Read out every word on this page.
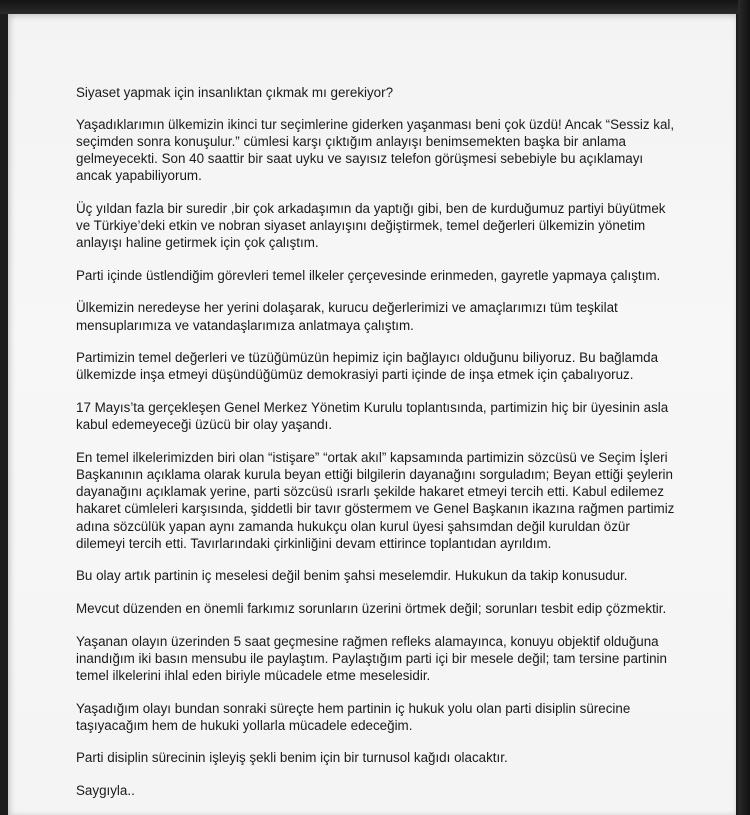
Siyaset yapmak için insanlıktan çıkmak mı gerekiyor?

Yaşadıklarımın ülkemizin ikinci tur seçimlerine giderken yaşanması beni çok üzdü! Ancak “Sessiz kal, seçimden sonra konuşulur.” cümlesi karşı çıktığım anlayışı benimsemekten başka bir anlama gelmeyecekti. Son 40 saattir bir saat uyku ve sayısız telefon görüşmesi sebebiyle bu açıklamayı ancak yapabiliyorum.

Üç yıldan fazla bir suredir ,bir çok arkadaşımın da yaptığı gibi, ben de kurduğumuz partiyi büyütmek ve Türkiye’deki etkin ve nobran siyaset anlayışını değiştirmek, temel değerleri ülkemizin yönetim anlayışı haline getirmek için çok çalıştım.

Parti içinde üstlendiğim görevleri temel ilkeler çerçevesinde erinmeden, gayretle yapmaya çalıştım.

Ülkemizin neredeyse her yerini dolaşarak, kurucu değerlerimizi ve amaçlarımızı tüm teşkilat mensuplarımıza ve vatandaşlarımıza anlatmaya çalıştım.

Partimizin temel değerleri ve tüzüğümüzün hepimiz için bağlayıcı olduğunu biliyoruz. Bu bağlamda ülkemizde inşa etmeyi düşündüğümüz demokrasiyi parti içinde de inşa etmek için çabalıyoruz.

17 Mayıs’ta gerçekleşen Genel Merkez Yönetim Kurulu toplantısında, partimizin hiç bir üyesinin asla kabul edemeyeceği üzücü bir olay yaşandı.

En temel ilkelerimizden biri olan “istişare” “ortak akıl” kapsamında partimizin sözcüsü ve Seçim İşleri Başkanının açıklama olarak kurula beyan ettiği bilgilerin dayanağını sorguladım; Beyan ettiği şeylerin dayanağını açıklamak yerine, parti sözcüsü ısrarlı şekilde hakaret etmeyi tercih etti. Kabul edilemez hakaret cümleleri karşısında, şiddetli bir tavır göstermem ve Genel Başkanın ikazına rağmen partimiz adına sözcülük yapan aynı zamanda hukukçu olan kurul üyesi şahsımdan değil kuruldan özür dilemeyi tercih etti. Tavırlarındaki çirkinliğini devam ettirince toplantıdan ayrıldım.

Bu olay artık partinin iç meselesi değil benim şahsi meselemdir. Hukukun da takip konusudur.

Mevcut düzenden en önemli farkımız sorunların üzerini örtmek değil; sorunları tesbit edip çözmektir.

Yaşanan olayın üzerinden 5 saat geçmesine rağmen refleks alamayınca, konuyu objektif olduğuna inandığım iki basın mensubu ile paylaştım. Paylaştığım parti içi bir mesele değil; tam tersine partinin temel ilkelerini ihlal eden biriyle mücadele etme meselesidir.

Yaşadığım olayı bundan sonraki süreçte hem partinin iç hukuk yolu olan parti disiplin sürecine taşıyacağım hem de hukuki yollarla mücadele edeceğim.

Parti disiplin sürecinin işleyiş şekli benim için bir turnusol kağıdı olacaktır.

Saygıyla..
